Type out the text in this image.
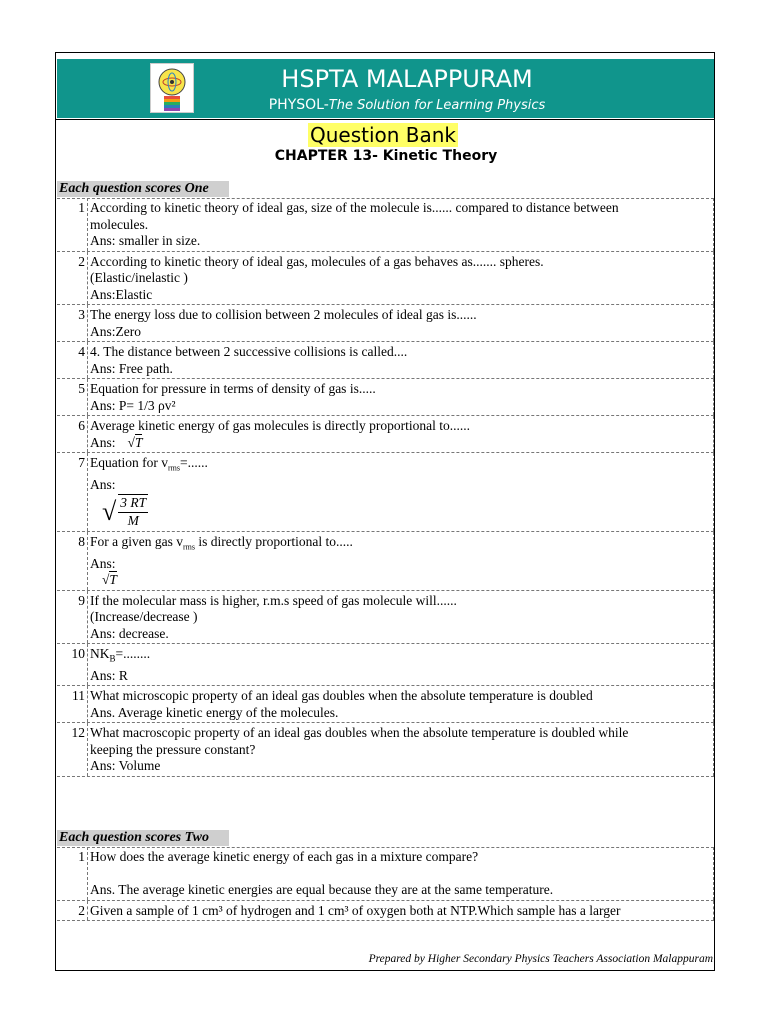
HSPTA MALAPPURAM
PHYSOL-The Solution for Learning Physics
Question Bank
CHAPTER 13- Kinetic Theory
Each question scores One
1 According to kinetic theory of ideal gas, size of the molecule is...... compared to distance between
molecules.
Ans: smaller in size.
2 According to kinetic theory of ideal gas, molecules of a gas behaves as....... spheres.
(Elastic/inelastic )
Ans:Elastic
3 The energy loss due to collision between 2 molecules of ideal gas is......
Ans:Zero
4 4. The distance between 2 successive collisions is called....
Ans: Free path.
5 Equation for pressure in terms of density of gas is.....
Ans: P= 1/3 ρv²
6 Average kinetic energy of gas molecules is directly proportional to......
Ans: √T
7 Equation for $v_{rms}=$......
Ans:
√ $\frac{3 RT}{M}$
8 For a given gas $v_{rms}$ is directly proportional to.....
Ans:
√T
9 If the molecular mass is higher, r.m.s speed of gas molecule will......
(Increase/decrease )
Ans: decrease.
10 $NK_B=$........
Ans: R
11 What microscopic property of an ideal gas doubles when the absolute temperature is doubled
Ans. Average kinetic energy of the molecules.
12 What macroscopic property of an ideal gas doubles when the absolute temperature is doubled while
keeping the pressure constant?
Ans: Volume
Each question scores Two
1 How does the average kinetic energy of each gas in a mixture compare?

Ans. The average kinetic energies are equal because they are at the same temperature.
2 Given a sample of 1 cm³ of hydrogen and 1 cm³ of oxygen both at NTP.Which sample has a larger
Prepared by Higher Secondary Physics Teachers Association Malappuram
